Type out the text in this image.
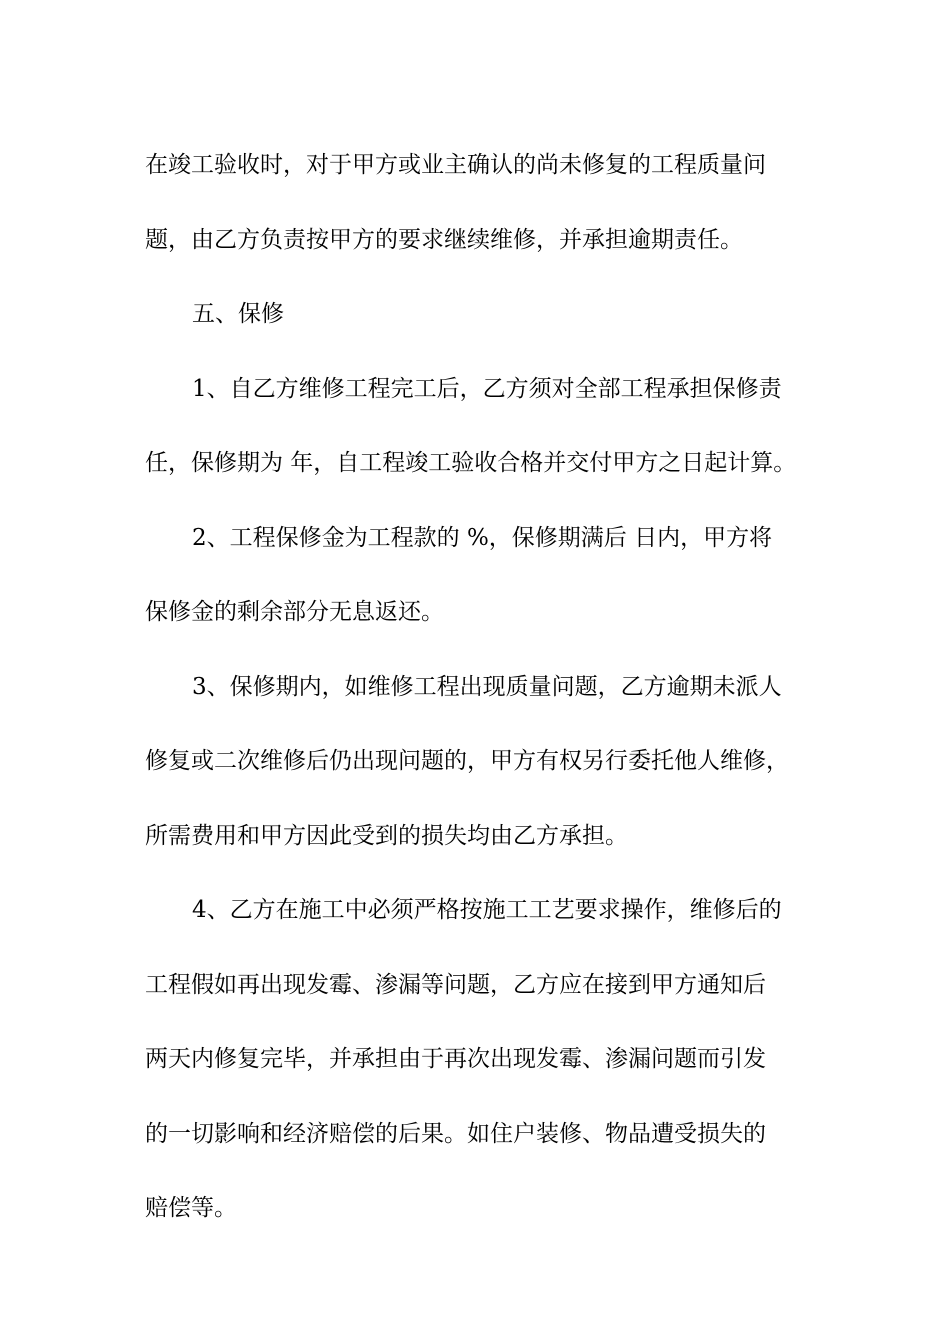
在竣工验收时，对于甲方或业主确认的尚未修复的工程质量问
题，由乙方负责按甲方的要求继续维修，并承担逾期责任。
五、保修
1、自乙方维修工程完工后，乙方须对全部工程承担保修责
任，保修期为 年，自工程竣工验收合格并交付甲方之日起计算。
2、工程保修金为工程款的 %，保修期满后 日内，甲方将
保修金的剩余部分无息返还。
3、保修期内，如维修工程出现质量问题，乙方逾期未派人
修复或二次维修后仍出现问题的，甲方有权另行委托他人维修，
所需费用和甲方因此受到的损失均由乙方承担。
4、乙方在施工中必须严格按施工工艺要求操作，维修后的
工程假如再出现发霉、渗漏等问题，乙方应在接到甲方通知后
两天内修复完毕，并承担由于再次出现发霉、渗漏问题而引发
的一切影响和经济赔偿的后果。如住户装修、物品遭受损失的
赔偿等。
